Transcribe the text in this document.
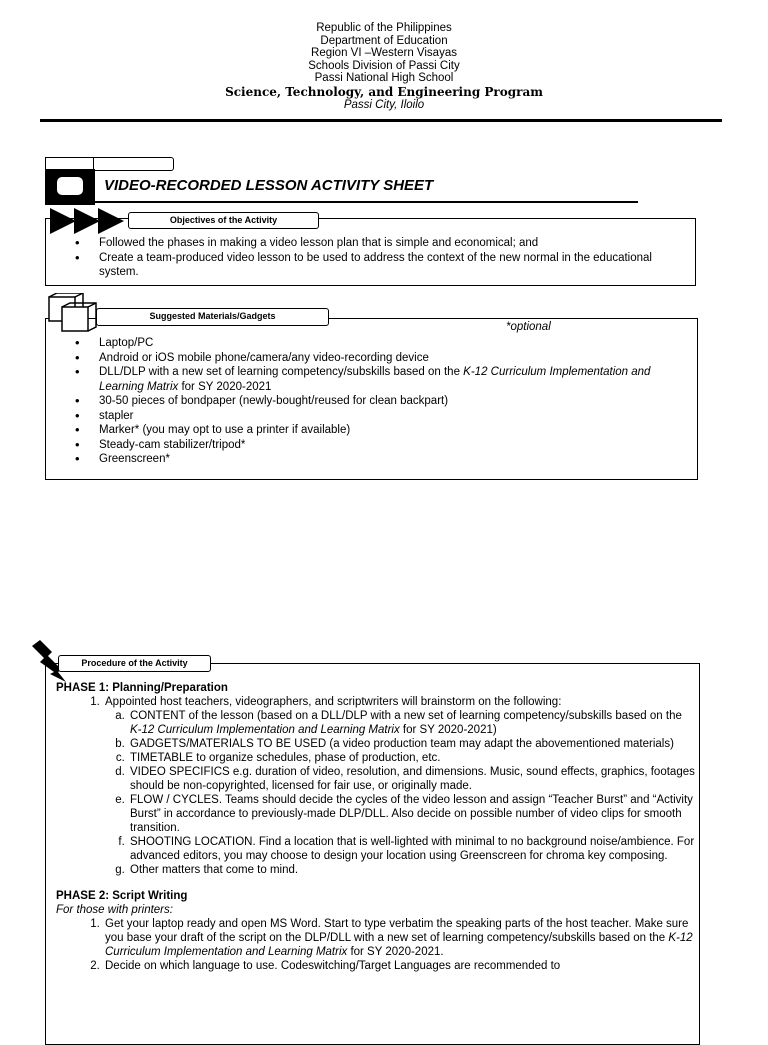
Republic of the Philippines
Department of Education
Region VI –Western Visayas
Schools Division of Passi City
Passi National High School
Science, Technology, and Engineering Program
Passi City, Iloilo
VIDEO-RECORDED LESSON ACTIVITY SHEET
Objectives of the Activity
• Followed the phases in making a video lesson plan that is simple and economical; and
• Create a team-produced video lesson to be used to address the context of the new normal in the educational system.
Suggested Materials/Gadgets
*optional
• Laptop/PC
• Android or iOS mobile phone/camera/any video-recording device
• DLL/DLP with a new set of learning competency/subskills based on the K-12 Curriculum Implementation and Learning Matrix for SY 2020-2021
• 30-50 pieces of bondpaper (newly-bought/reused for clean backpart)
• stapler
• Marker* (you may opt to use a printer if available)
• Steady-cam stabilizer/tripod*
• Greenscreen*
Procedure of the Activity
PHASE 1: Planning/Preparation
1. Appointed host teachers, videographers, and scriptwriters will brainstorm on the following:
a. CONTENT of the lesson (based on a DLL/DLP with a new set of learning competency/subskills based on the K-12 Curriculum Implementation and Learning Matrix for SY 2020-2021)
b. GADGETS/MATERIALS TO BE USED (a video production team may adapt the abovementioned materials)
c. TIMETABLE to organize schedules, phase of production, etc.
d. VIDEO SPECIFICS e.g. duration of video, resolution, and dimensions. Music, sound effects, graphics, footages should be non-copyrighted, licensed for fair use, or originally made.
e. FLOW / CYCLES. Teams should decide the cycles of the video lesson and assign “Teacher Burst” and “Activity Burst” in accordance to previously-made DLP/DLL. Also decide on possible number of video clips for smooth transition.
f. SHOOTING LOCATION. Find a location that is well-lighted with minimal to no background noise/ambience. For advanced editors, you may choose to design your location using Greenscreen for chroma key composing.
g. Other matters that come to mind.
PHASE 2: Script Writing
For those with printers:
1. Get your laptop ready and open MS Word. Start to type verbatim the speaking parts of the host teacher. Make sure you base your draft of the script on the DLP/DLL with a new set of learning competency/subskills based on the K-12 Curriculum Implementation and Learning Matrix for SY 2020-2021.
2. Decide on which language to use. Codeswitching/Target Languages are recommended to
